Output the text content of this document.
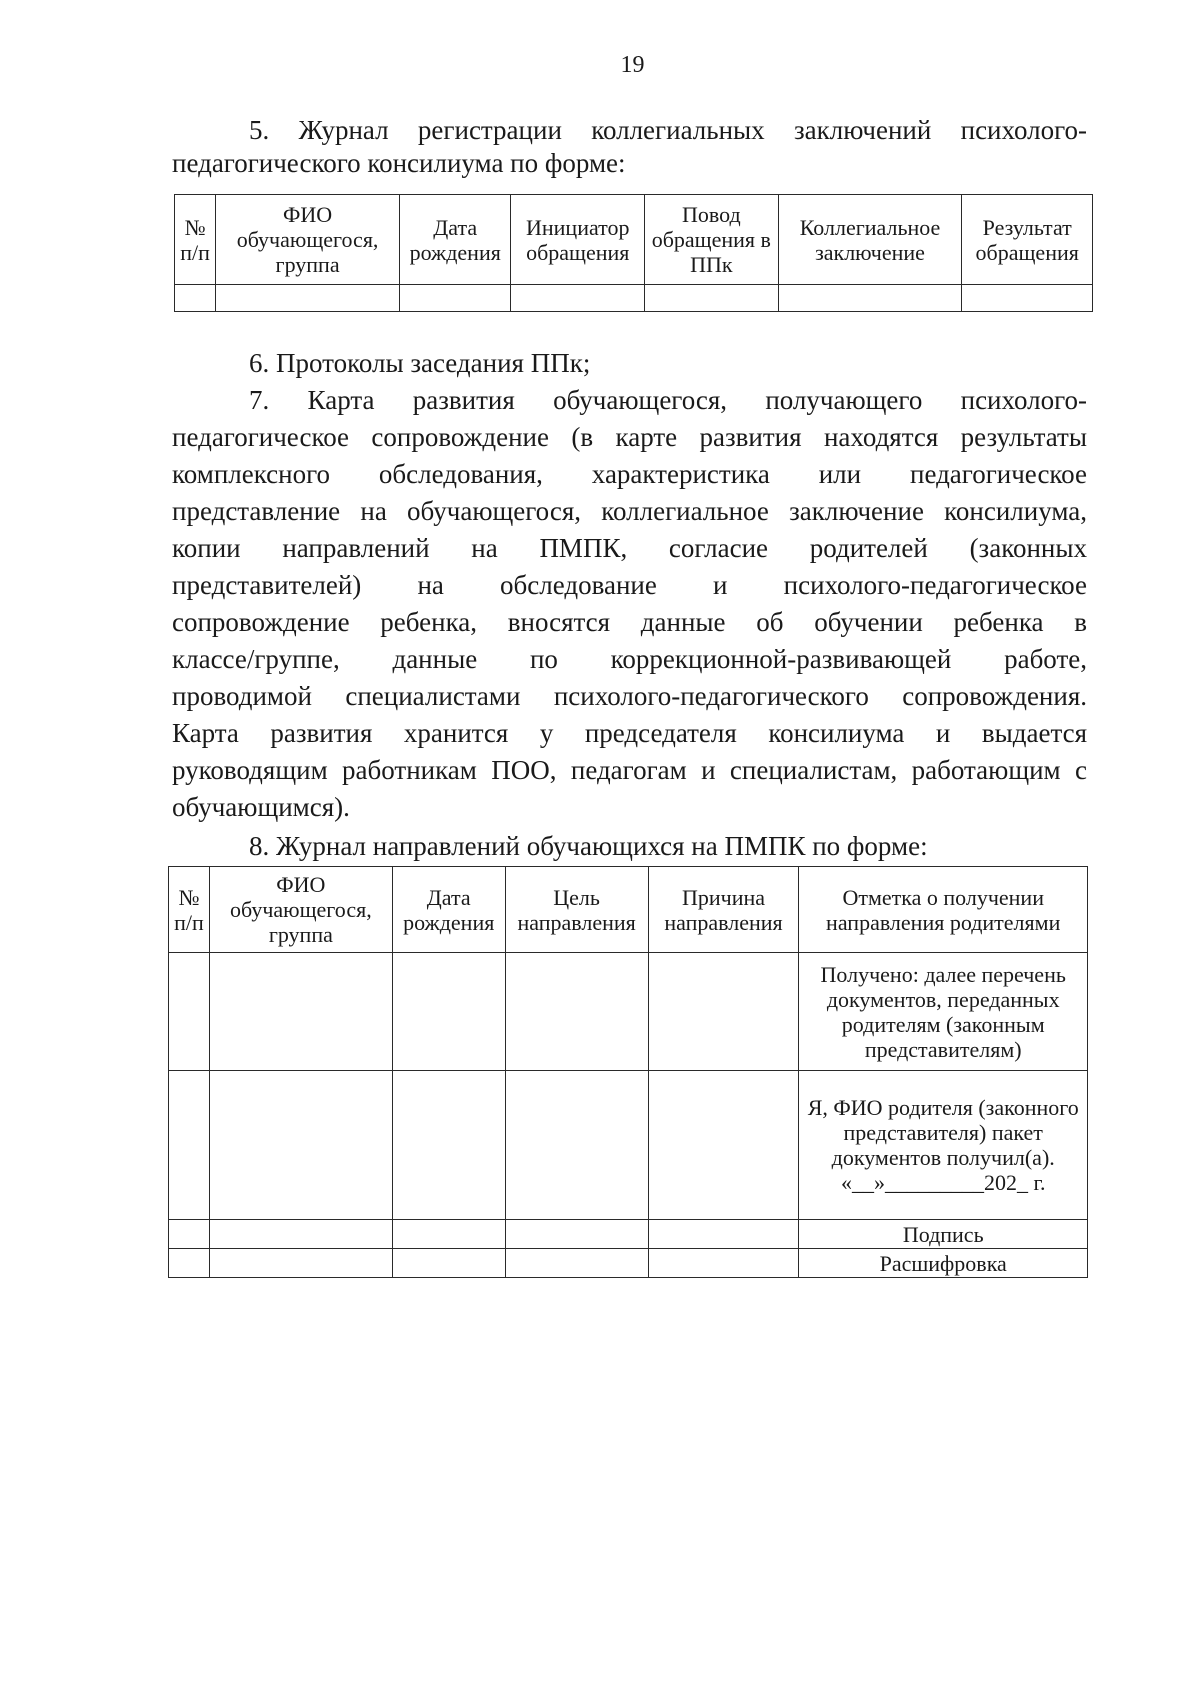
19

5. Журнал регистрации коллегиальных заключений психолого-

педагогического консилиума по форме:

№ п/п	ФИО обучающегося, группа	Дата рождения	Инициатор обращения	Повод обращения в ППк	Коллегиальное заключение	Результат обращения

6. Протоколы заседания ППк;

7. Карта развития обучающегося, получающего психолого-

педагогическое сопровождение (в карте развития находятся результаты

комплексного обследования, характеристика или педагогическое

представление на обучающегося, коллегиальное заключение консилиума,

копии направлений на ПМПК, согласие родителей (законных

представителей) на обследование и психолого-педагогическое

сопровождение ребенка, вносятся данные об обучении ребенка в

классе/группе, данные по коррекционной-развивающей работе,

проводимой специалистами психолого-педагогического сопровождения.

Карта развития хранится у председателя консилиума и выдается

руководящим работникам ПОО, педагогам и специалистам, работающим с

обучающимся).

8. Журнал направлений обучающихся на ПМПК по форме:

№ п/п	ФИО обучающегося, группа	Дата рождения	Цель направления	Причина направления	Отметка о получении направления родителями
					Получено: далее перечень документов, переданных родителям (законным представителям)

					Я, ФИО родителя (законного представителя) пакет документов получил(а).
«__»_________202_ г.

					Подпись
					Расшифровка
